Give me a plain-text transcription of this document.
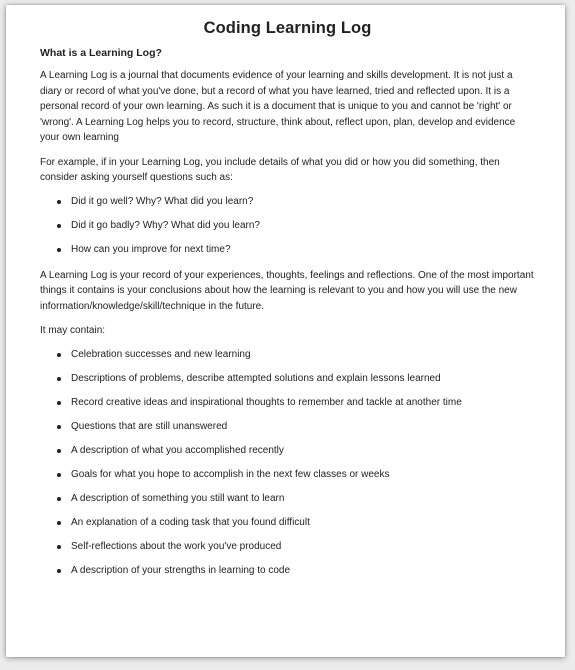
Coding Learning Log
What is a Learning Log?

A Learning Log is a journal that documents evidence of your learning and skills development. It is not just a diary or record of what you've done, but a record of what you have learned, tried and reflected upon. It is a personal record of your own learning. As such it is a document that is unique to you and cannot be 'right' or 'wrong'. A Learning Log helps you to record, structure, think about, reflect upon, plan, develop and evidence your own learning

For example, if in your Learning Log, you include details of what you did or how you did something, then consider asking yourself questions such as:

Did it go well? Why? What did you learn?
Did it go badly? Why? What did you learn?
How can you improve for next time?

A Learning Log is your record of your experiences, thoughts, feelings and reflections. One of the most important things it contains is your conclusions about how the learning is relevant to you and how you will use the new information/knowledge/skill/technique in the future.

It may contain:

Celebration successes and new learning
Descriptions of problems, describe attempted solutions and explain lessons learned
Record creative ideas and inspirational thoughts to remember and tackle at another time
Questions that are still unanswered
A description of what you accomplished recently
Goals for what you hope to accomplish in the next few classes or weeks
A description of something you still want to learn
An explanation of a coding task that you found difficult
Self-reflections about the work you've produced
A description of your strengths in learning to code
